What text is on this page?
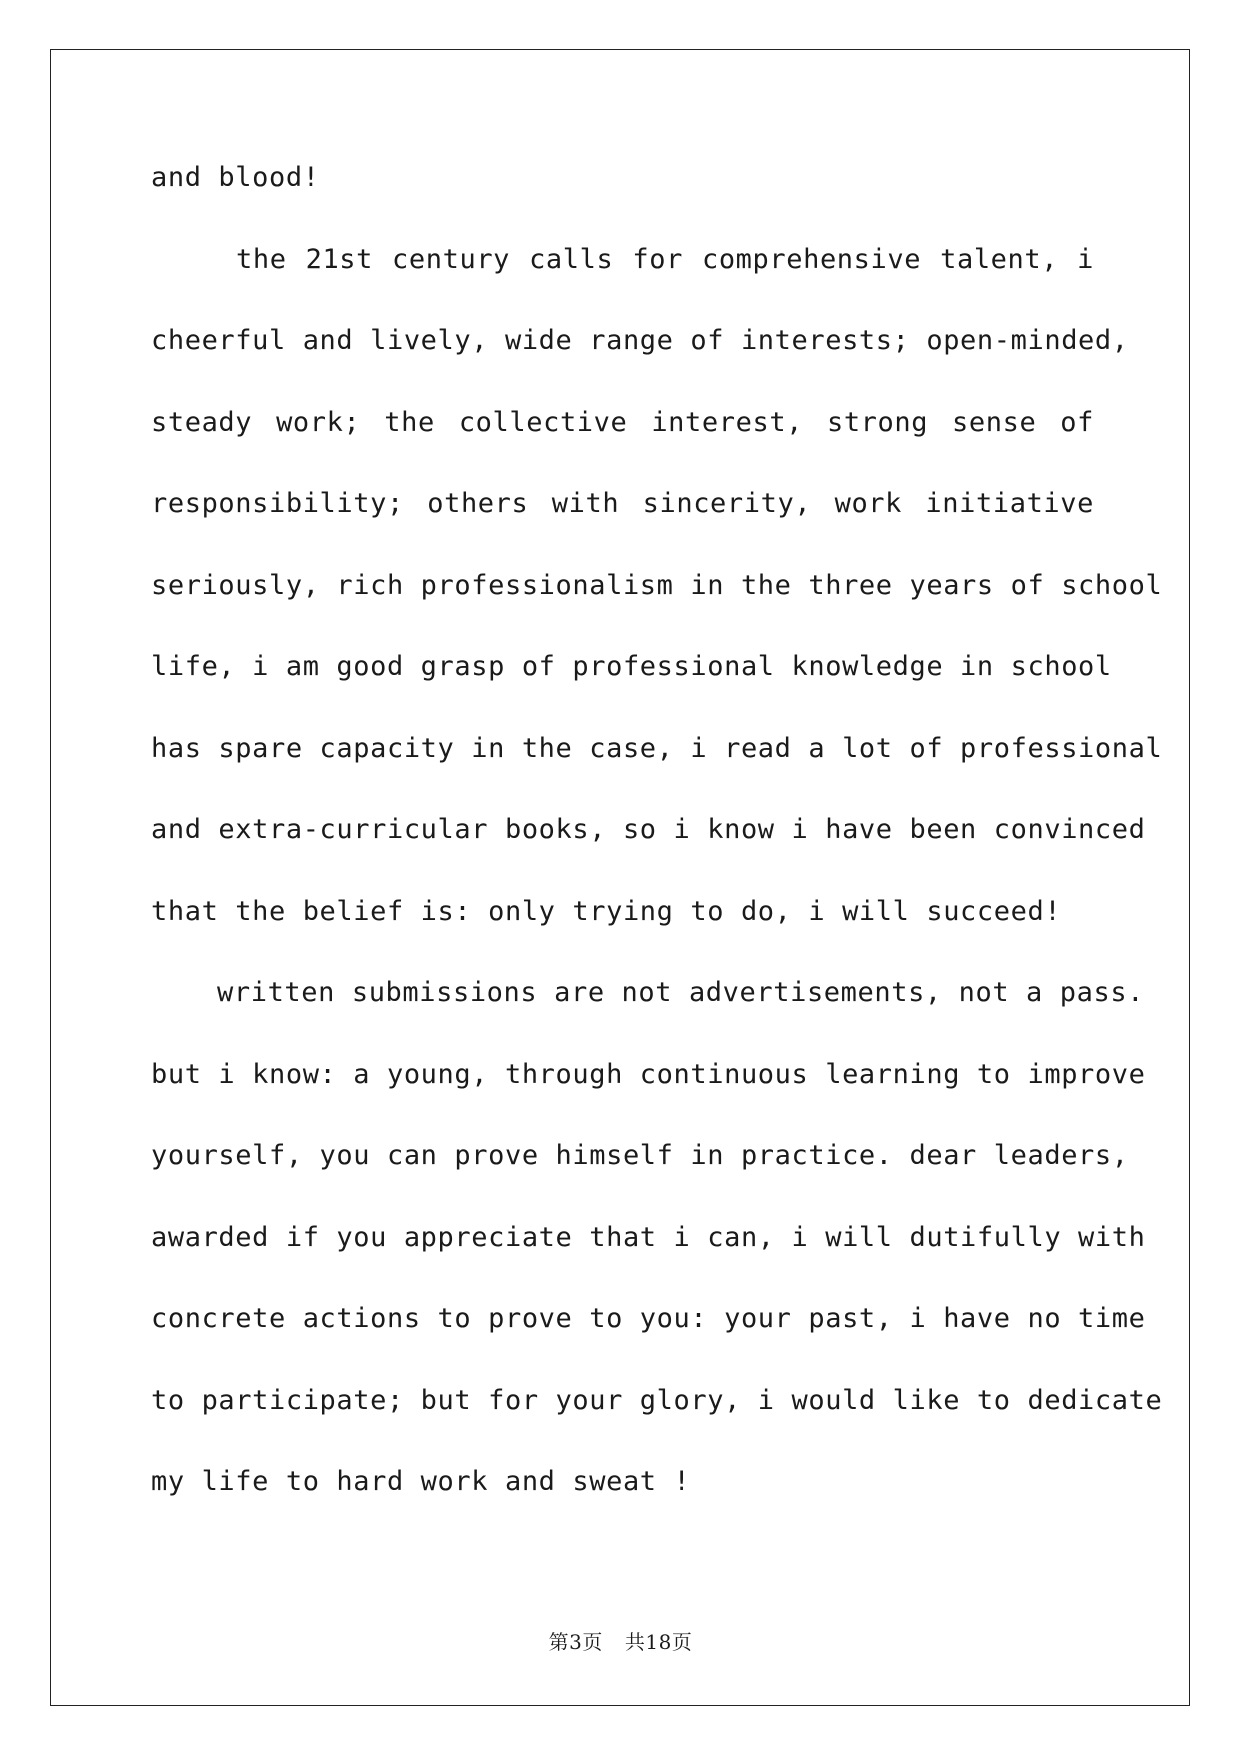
and blood!
the 21st century calls for comprehensive talent, i
cheerful and lively, wide range of interests; open-minded,
steady work; the collective interest, strong sense of
responsibility; others with sincerity, work initiative
seriously, rich professionalism in the three years of school
life, i am good grasp of professional knowledge in school
has spare capacity in the case, i read a lot of professional
and extra-curricular books, so i know i have been convinced
that the belief is: only trying to do, i will succeed!
written submissions are not advertisements, not a pass.
but i know: a young, through continuous learning to improve
yourself, you can prove himself in practice. dear leaders,
awarded if you appreciate that i can, i will dutifully with
concrete actions to prove to you: your past, i have no time
to participate; but for your glory, i would like to dedicate
my life to hard work and sweat !
第3页 共18页
